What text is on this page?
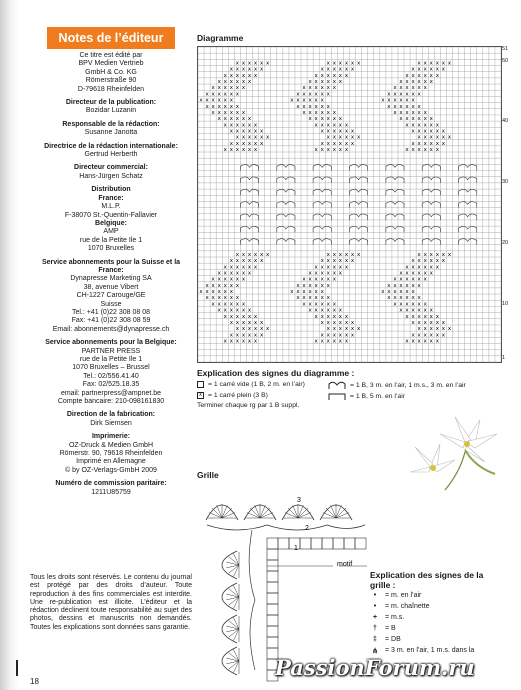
Notes de l’éditeur

Ce titre est édité par
BPV Medien Vertrieb
GmbH & Co. KG
Römerstraße 90
D-79618 Rheinfelden

Directeur de la publication:
Bozidar Luzanin

Responsable de la rédaction:
Susanne Janotta

Directrice de la rédaction internationale:
Gertrud Herberth

Directeur commercial:
Hans-Jürgen Schatz

Distribution
France:
M.L.P.
F-38070 St.-Quentin-Fallavier
Belgique:
AMP
rue de la Petite Ile 1
1070 Bruxelles

Service abonnements pour la Suisse et la France:
Dynapresse Marketing SA
38, avenue Vibert
CH-1227 Carouge/GE
Suisse
Tel.: +41 (0)22 308 08 08
Fax: +41 (0)22 308 08 59
Email: abonnements@dynapresse.ch

Service abonnements pour la Belgique:
PARTNER PRESS
rue de la Petite Ile 1
1070 Bruxelles – Brussel
Tel.: 02/556.41.40
Fax: 02/525.18.35
email: partnerpress@ampnet.be
Compte bancaire: 210-0981618​30

Direction de la fabrication:
Dirk Siemsen

Imprimerie:
OZ-Druck & Medien GmbH
Römerstr. 90, 79618 Rheinfelden
Imprimé en Allemagne
© by OZ-Verlags-GmbH 2009

Numéro de commission paritaire:
1211U85759

Tous les droits sont réservés. Le contenu du journal est protégé par des droits d’auteur. Toute reproduction à des fins commerciales est interdite. Une re-publication est illicite. L’éditeur et la rédaction déclinent toute responsabilité au sujet des photos, dessins et manuscrits non demandés. Toutes les explications sont données sans garantie.
18
Diagramme
x x x x x x	x x x x x x	x x x x x x
x x x x x x	x x x x x x	x x x x x x
x x x x x x	x x x x x x	x x x x x x
x x x x x x	x x x x x x	x x x x x x
x x x x x x	x x x x x x	x x x x x x
x x x x x x	x x x x x x	x x x x x x
x x x x x x	x x x x x x	x x x x x x
x x x x x x	x x x x x x	x x x x x x
x x x x x x	x x x x x x	x x x x x x
x x x x x x	x x x x x x	x x x x x x
x x x x x x	x x x x x x	x x x x x x
x x x x x x	x x x x x x	x x x x x x
x x x x x x	x x x x x x	x x x x x x
x x x x x x	x x x x x x	x x x x x x
x x x x x x	x x x x x x	x x x x x x
x x x x x x	x x x x x x	x x x x x x
x x x x x x	x x x x x x	x x x x x x
x x x x x x	x x x x x x	x x x x x x
x x x x x x	x x x x x x	x x x x x x
x x x x x x	x x x x x x	x x x x x x
x x x x x x	x x x x x x	x x x x x x
x x x x x x	x x x x x x	x x x x x x
x x x x x x	x x x x x x	x x x x x x
x x x x x x	x x x x x x	x x x x x x
x x x x x x	x x x x x x	x x x x x x
x x x x x x	x x x x x x	x x x x x x
x x x x x x	x x x x x x	x x x x x x
x x x x x x	x x x x x x	x x x x x x
x x x x x x	x x x x x x	x x x x x x
x x x x x x	x x x x x x	x x x x x x
51
50
40
30
20
10
1
Explication des signes du diagramme :
= 1 carré vide (1 B, 2 m. en l’air)
x = 1 carré plein (3 B)
= 1 B, 3 m. en l’air, 1 m.s., 3 m. en l’air
= 1 B, 5 m. en l’air
Terminer chaque rg par 1 B suppl.
Grille
3
2
1
motif
Explication des signes de la grille :
•	= m. en l’air
•	= m. chaînette
+	= m.s.
†	= B
‡	= DB
⋔ = 3 m. en l’air, 1 m.s. dans la
PassionForum.ru
